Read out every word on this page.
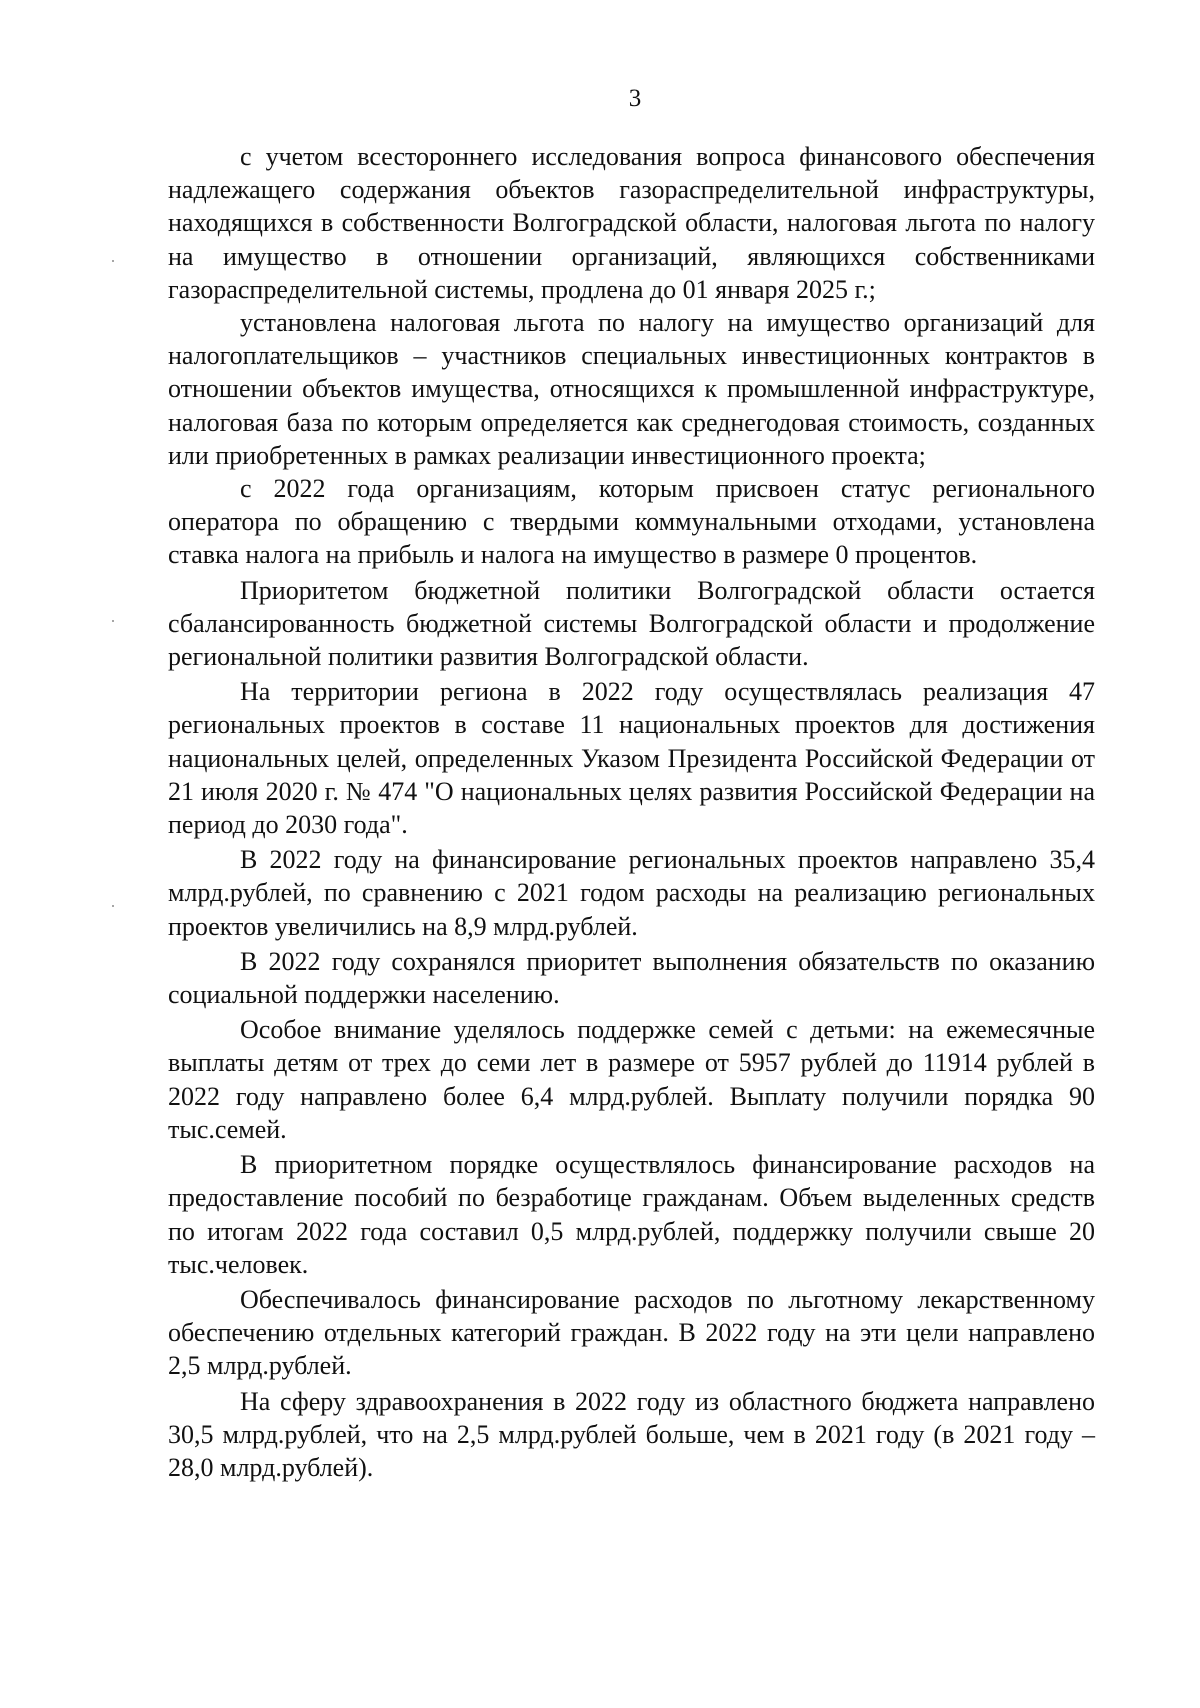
3

с учетом всестороннего исследования вопроса финансового обеспечения надлежащего содержания объектов газораспределительной инфраструктуры, находящихся в собственности Волгоградской области, налоговая льгота по налогу на имущество в отношении организаций, являющихся собственниками газораспределительной системы, продлена до 01 января 2025 г.;

установлена налоговая льгота по налогу на имущество организаций для налогоплательщиков – участников специальных инвестиционных контрактов в отношении объектов имущества, относящихся к промышленной инфраструктуре, налоговая база по которым определяется как среднегодовая стоимость, созданных или приобретенных в рамках реализации инвестиционного проекта;

с 2022 года организациям, которым присвоен статус регионального оператора по обращению с твердыми коммунальными отходами, установлена ставка налога на прибыль и налога на имущество в размере 0 процентов.

Приоритетом бюджетной политики Волгоградской области остается сбалансированность бюджетной системы Волгоградской области и продолжение региональной политики развития Волгоградской области.

На территории региона в 2022 году осуществлялась реализация 47 региональных проектов в составе 11 национальных проектов для достижения национальных целей, определенных Указом Президента Российской Федерации от 21 июля 2020 г. № 474 "О национальных целях развития Российской Федерации на период до 2030 года".

В 2022 году на финансирование региональных проектов направлено 35,4 млрд.рублей, по сравнению с 2021 годом расходы на реализацию региональных проектов увеличились на 8,9 млрд.рублей.

В 2022 году сохранялся приоритет выполнения обязательств по оказанию социальной поддержки населению.

Особое внимание уделялось поддержке семей с детьми: на ежемесячные выплаты детям от трех до семи лет в размере от 5957 рублей до 11914 рублей в 2022 году направлено более 6,4 млрд.рублей. Выплату получили порядка 90 тыс.семей.

В приоритетном порядке осуществлялось финансирование расходов на предоставление пособий по безработице гражданам. Объем выделенных средств по итогам 2022 года составил 0,5 млрд.рублей, поддержку получили свыше 20 тыс.человек.

Обеспечивалось финансирование расходов по льготному лекарственному обеспечению отдельных категорий граждан. В 2022 году на эти цели направлено 2,5 млрд.рублей.

На сферу здравоохранения в 2022 году из областного бюджета направлено 30,5 млрд.рублей, что на 2,5 млрд.рублей больше, чем в 2021 году (в 2021 году – 28,0 млрд.рублей).
